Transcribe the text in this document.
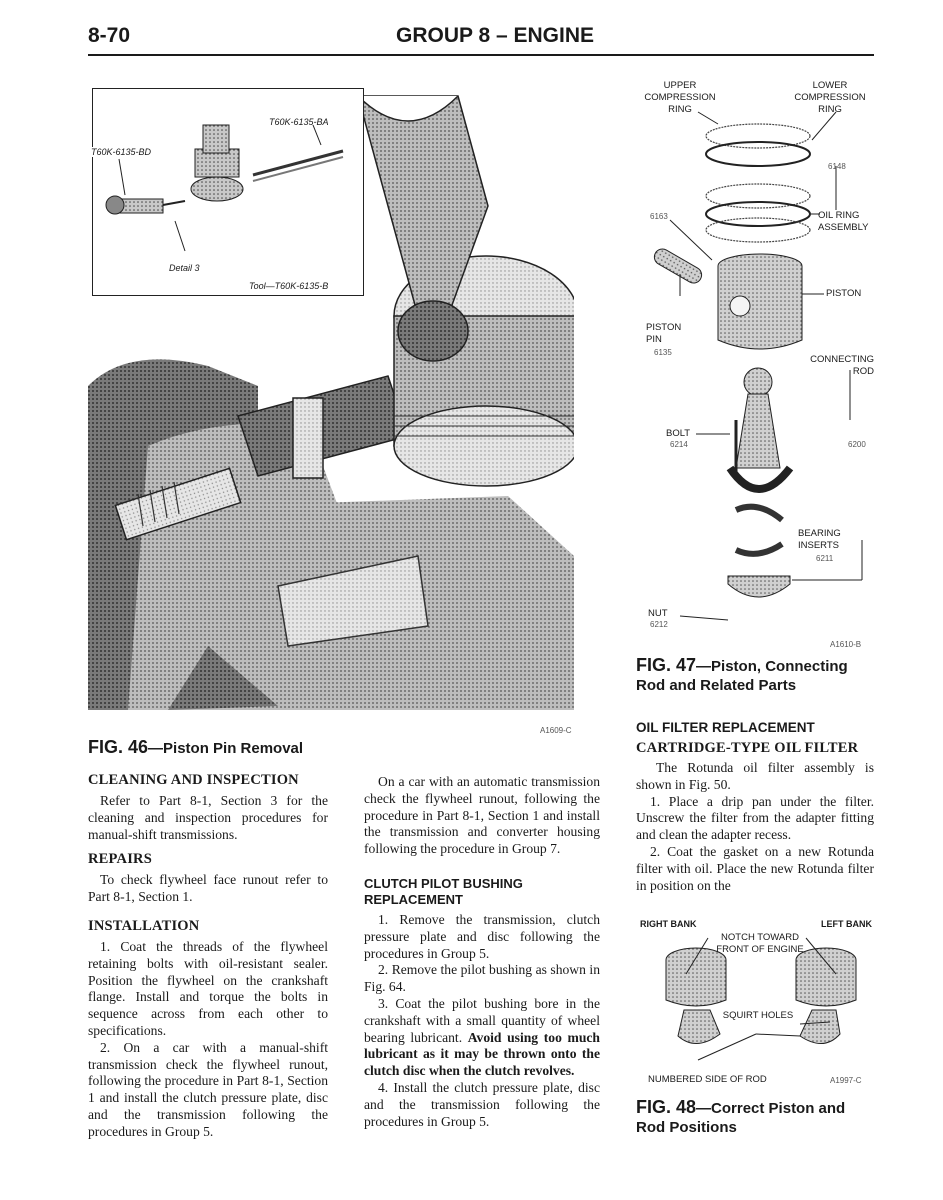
8-70	GROUP 8 – ENGINE
T60K-6135-BD
T60K-6135-BA
Detail 3
Tool—T60K-6135-B
A1609-C
FIG. 46—Piston Pin Removal
UPPER COMPRESSION RING
LOWER COMPRESSION RING
6148
6163	OIL RING ASSEMBLY
PISTON
PISTON PIN
6135
CONNECTING ROD
BOLT
6214	6200
BEARING INSERTS
6211
NUT
6212
A1610-B
FIG. 47—Piston, Connecting Rod and Related Parts
CLEANING AND INSPECTION
Refer to Part 8-1, Section 3 for the cleaning and inspection procedures for manual-shift transmissions.
REPAIRS
To check flywheel face runout refer to Part 8-1, Section 1.
INSTALLATION
1. Coat the threads of the flywheel retaining bolts with oil-resistant sealer. Position the flywheel on the crankshaft flange. Install and torque the bolts in sequence across from each other to specifications.
2. On a car with a manual-shift transmission check the flywheel runout, following the procedure in Part 8-1, Section 1 and install the clutch pressure plate, disc and the transmission following the procedures in Group 5.
On a car with an automatic transmission check the flywheel runout, following the procedure in Part 8-1, Section 1 and install the transmission and converter housing following the procedure in Group 7.
CLUTCH PILOT BUSHING REPLACEMENT
1. Remove the transmission, clutch pressure plate and disc following the procedures in Group 5.
2. Remove the pilot bushing as shown in Fig. 64.
3. Coat the pilot bushing bore in the crankshaft with a small quantity of wheel bearing lubricant. Avoid using too much lubricant as it may be thrown onto the clutch disc when the clutch revolves.
4. Install the clutch pressure plate, disc and the transmission following the procedures in Group 5.
OIL FILTER REPLACEMENT
CARTRIDGE-TYPE OIL FILTER
The Rotunda oil filter assembly is shown in Fig. 50.
1. Place a drip pan under the filter. Unscrew the filter from the adapter fitting and clean the adapter recess.
2. Coat the gasket on a new Rotunda filter with oil. Place the new Rotunda filter in position on the
RIGHT BANK	LEFT BANK
NOTCH TOWARD FRONT OF ENGINE
SQUIRT HOLES
NUMBERED SIDE OF ROD	A1997-C
FIG. 48—Correct Piston and Rod Positions
